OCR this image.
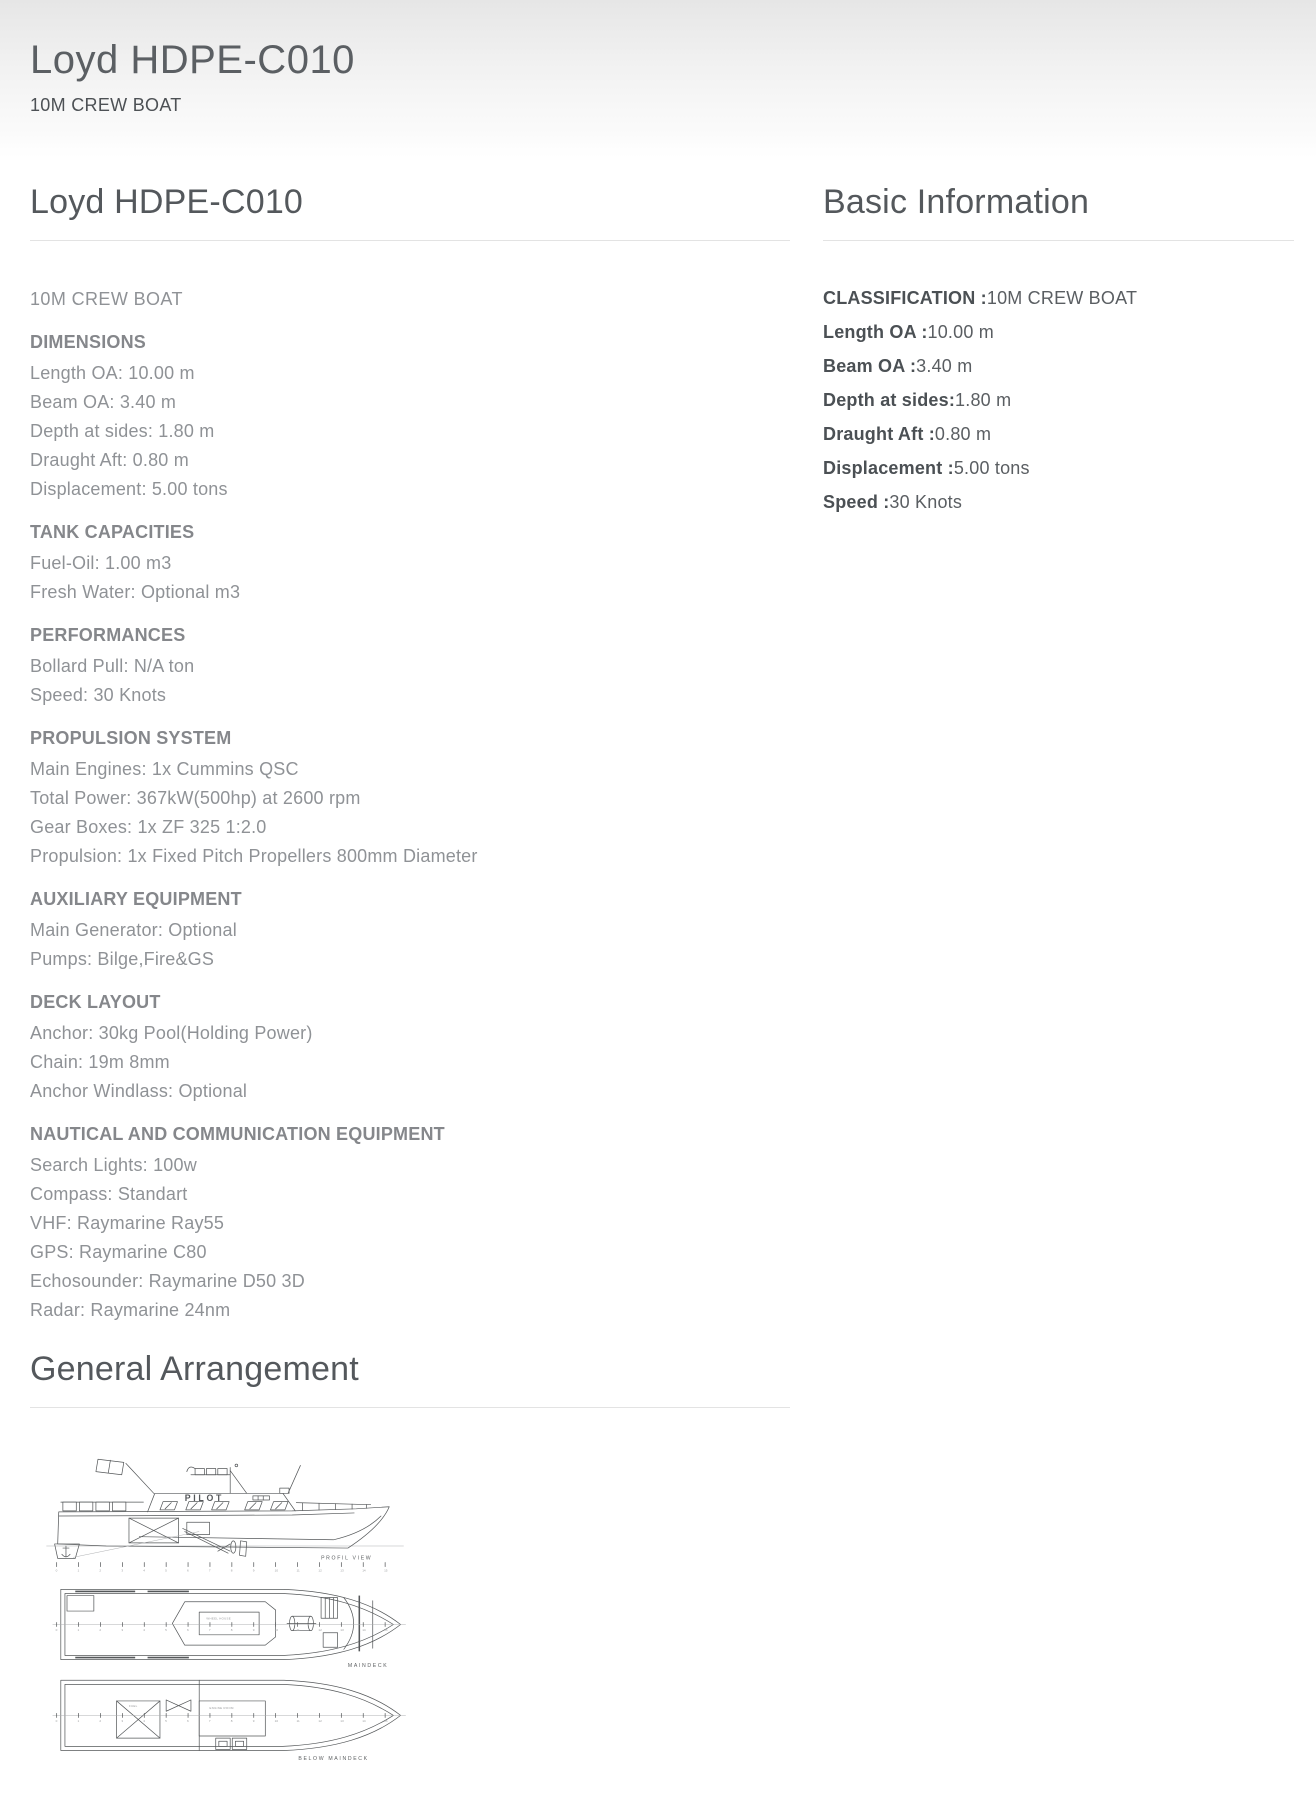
Loyd HDPE-C010
10M CREW BOAT
Loyd HDPE-C010
10M CREW BOAT
DIMENSIONS

Length OA: 10.00 m

Beam OA: 3.40 m

Depth at sides: 1.80 m

Draught Aft: 0.80 m

Displacement: 5.00 tons

TANK CAPACITIES

Fuel-Oil: 1.00 m3

Fresh Water: Optional m3

PERFORMANCES

Bollard Pull: N/A ton

Speed: 30 Knots

PROPULSION SYSTEM

Main Engines: 1x Cummins QSC

Total Power: 367kW(500hp) at 2600 rpm

Gear Boxes: 1x ZF 325 1:2.0

Propulsion: 1x Fixed Pitch Propellers 800mm Diameter

AUXILIARY EQUIPMENT

Main Generator: Optional

Pumps: Bilge,Fire&GS

DECK LAYOUT

Anchor: 30kg Pool(Holding Power)

Chain: 19m 8mm

Anchor Windlass: Optional

NAUTICAL AND COMMUNICATION EQUIPMENT

Search Lights: 100w

Compass: Standart

VHF: Raymarine Ray55

GPS: Raymarine C80

Echosounder: Raymarine D50 3D

Radar: Raymarine 24nm

General Arrangement
PILOT
0	1	2	3	4	5	6	7	8	9	10	11	12	13	14	15
PROFIL VIEW
WHEEL HOUSE
0	1	2	3	4	5	6	7	8	9	10	11	12	13	14	15
MAINDECK
FUEL
ENGINE ROOM
0	1	2	3	4	5	6	7	8	9	10	11	12	13	14	15
BELOW MAINDECK
Basic Information

CLASSIFICATION :10M CREW BOAT

Length OA :10.00 m

Beam OA :3.40 m

Depth at sides:1.80 m

Draught Aft :0.80 m

Displacement :5.00 tons

Speed :30 Knots
